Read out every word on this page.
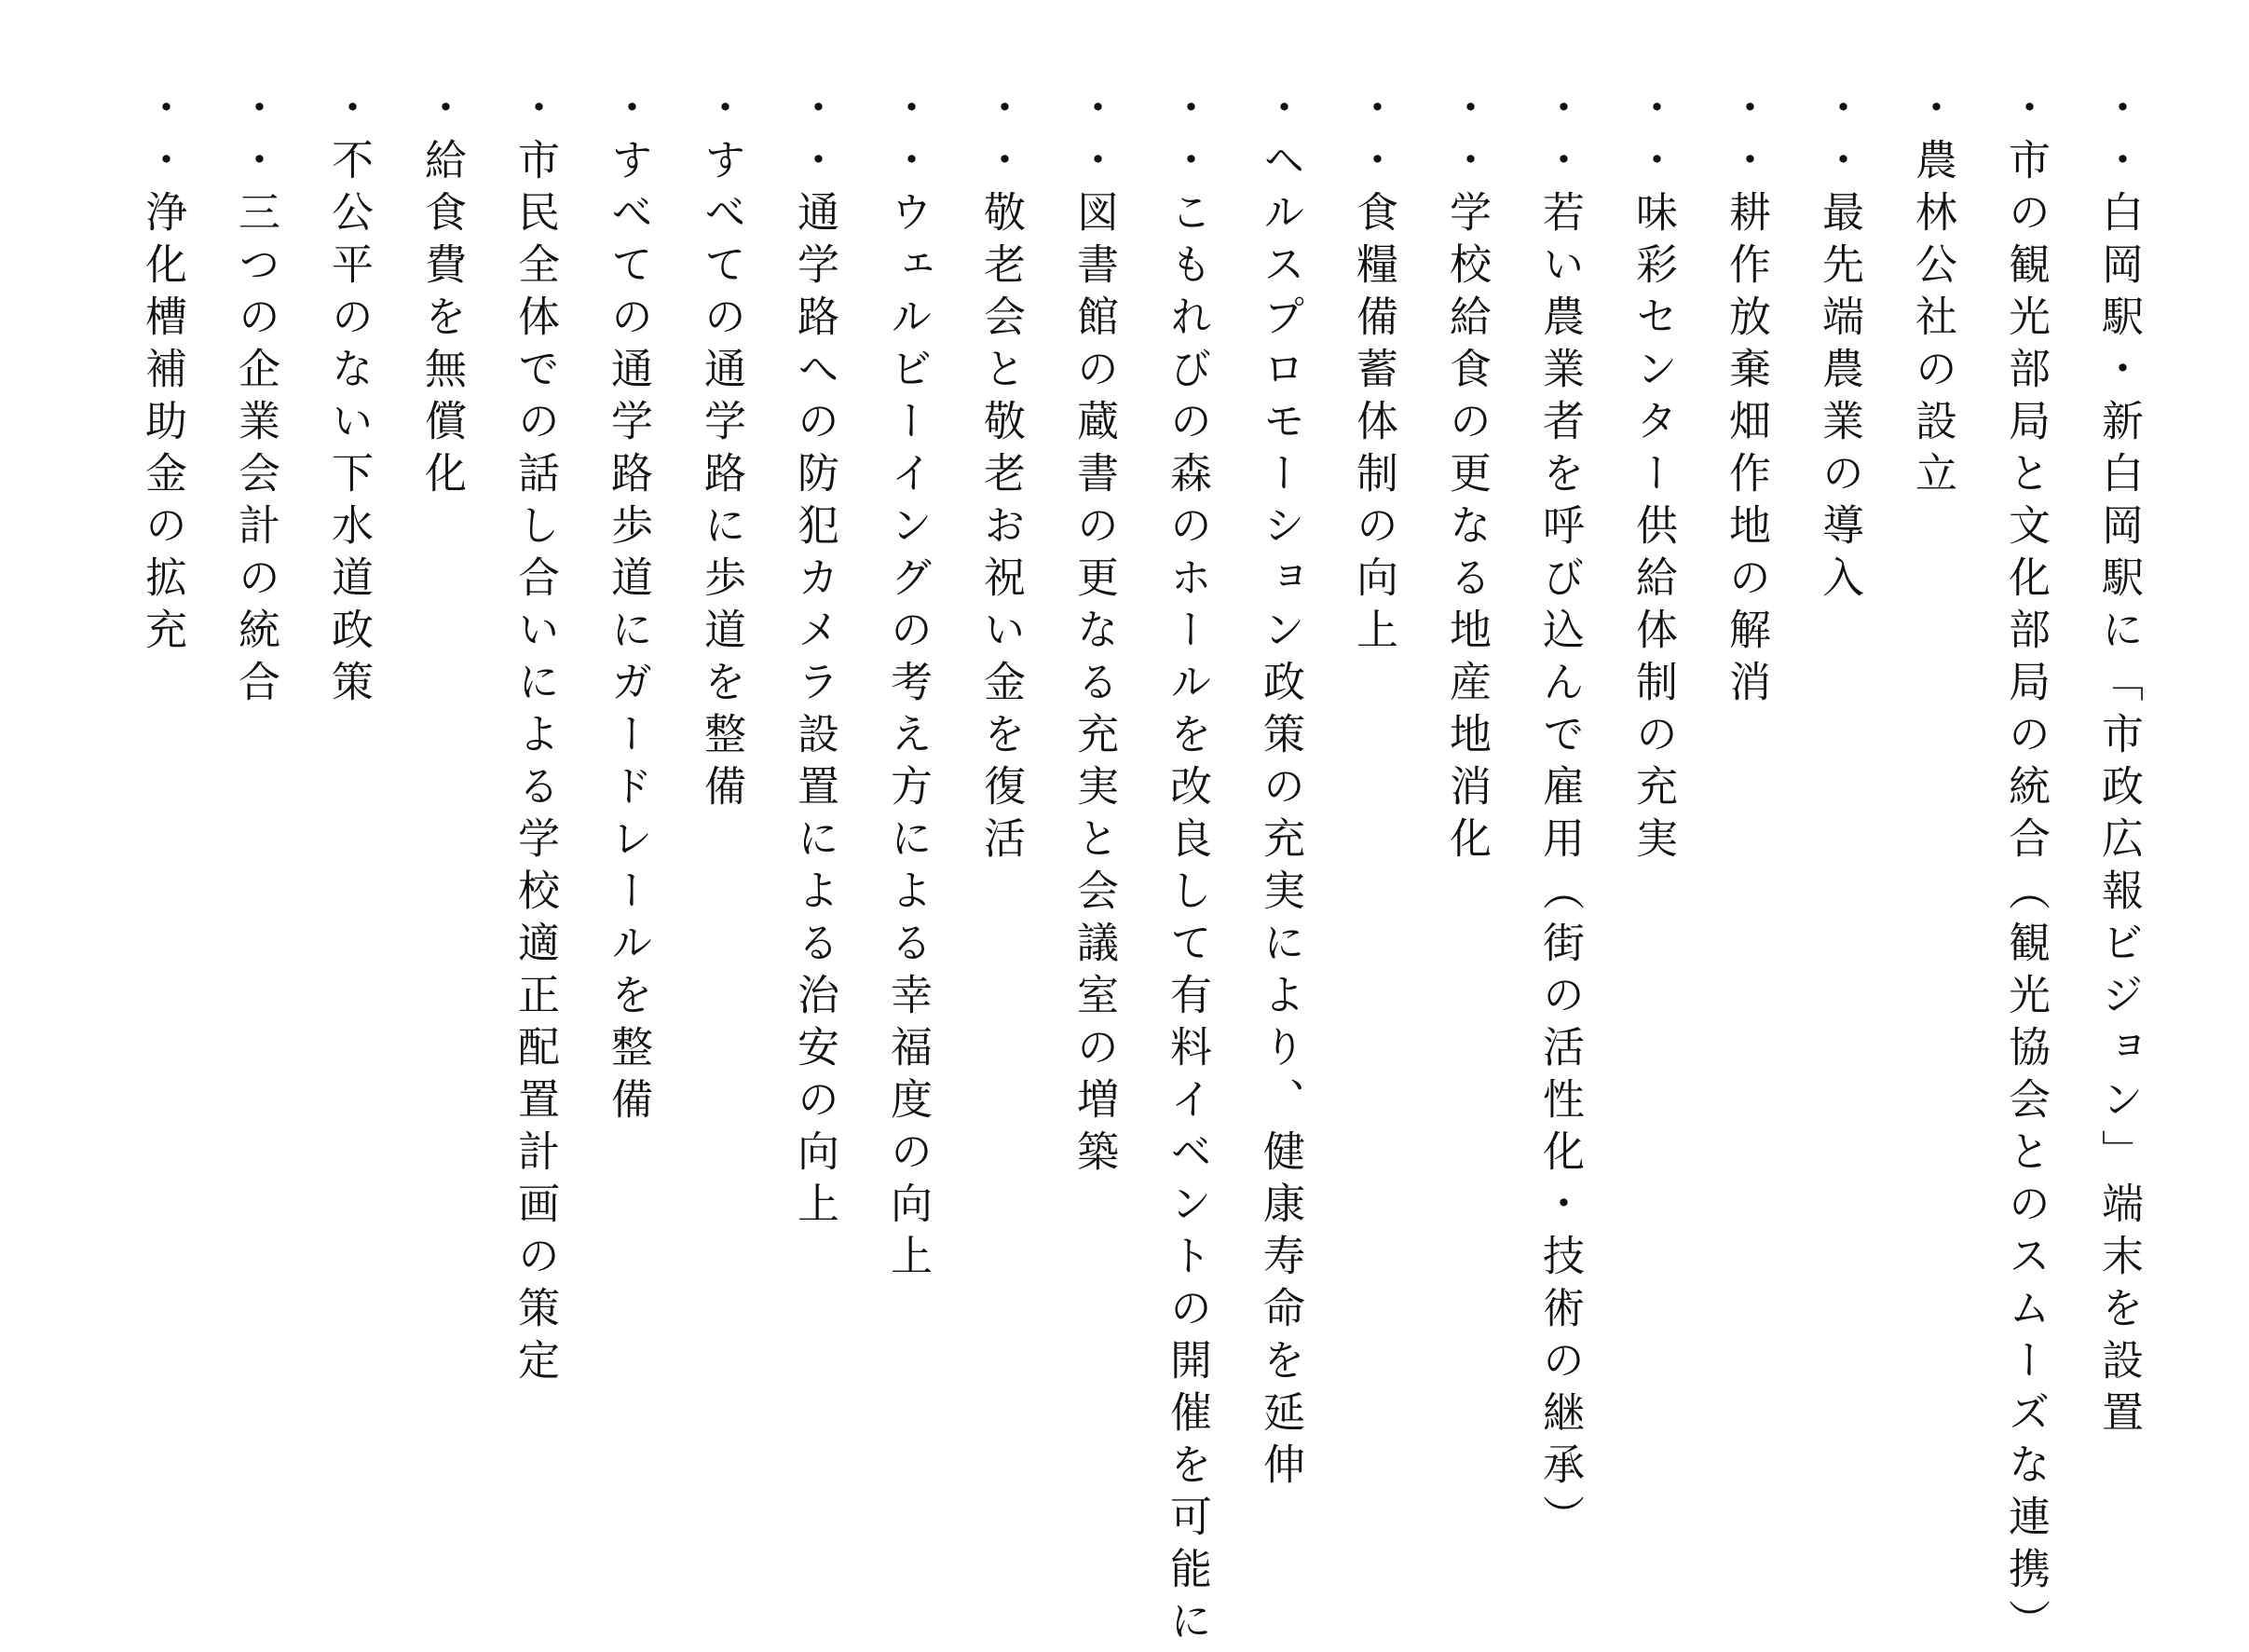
・・白岡駅・新白岡駅に「市政広報ビジョン」端末を設置
・市の観光部局と文化部局の統合（観光協会とのスムーズな連携）
・農林公社の設立
・・最先端農業の導入
・・耕作放棄畑作地の解消
・・味彩センター供給体制の充実
・・若い農業者を呼び込んで雇用（街の活性化・技術の継承）
・・学校給食の更なる地産地消化
・・食糧備蓄体制の向上
・ヘルスプロモーション政策の充実により、健康寿命を延伸
・・こもれびの森のホールを改良して有料イベントの開催を可能に
・・図書館の蔵書の更なる充実と会議室の増築
・・敬老会と敬老お祝い金を復活
・・ウェルビーイングの考え方による幸福度の向上
・・通学路への防犯カメラ設置による治安の向上
・すべての通学路に歩道を整備
・すべての通学路歩道にガードレールを整備
・市民全体での話し合いによる学校適正配置計画の策定
・給食費を無償化
・不公平のない下水道政策
・・三つの企業会計の統合
・・浄化槽補助金の拡充
